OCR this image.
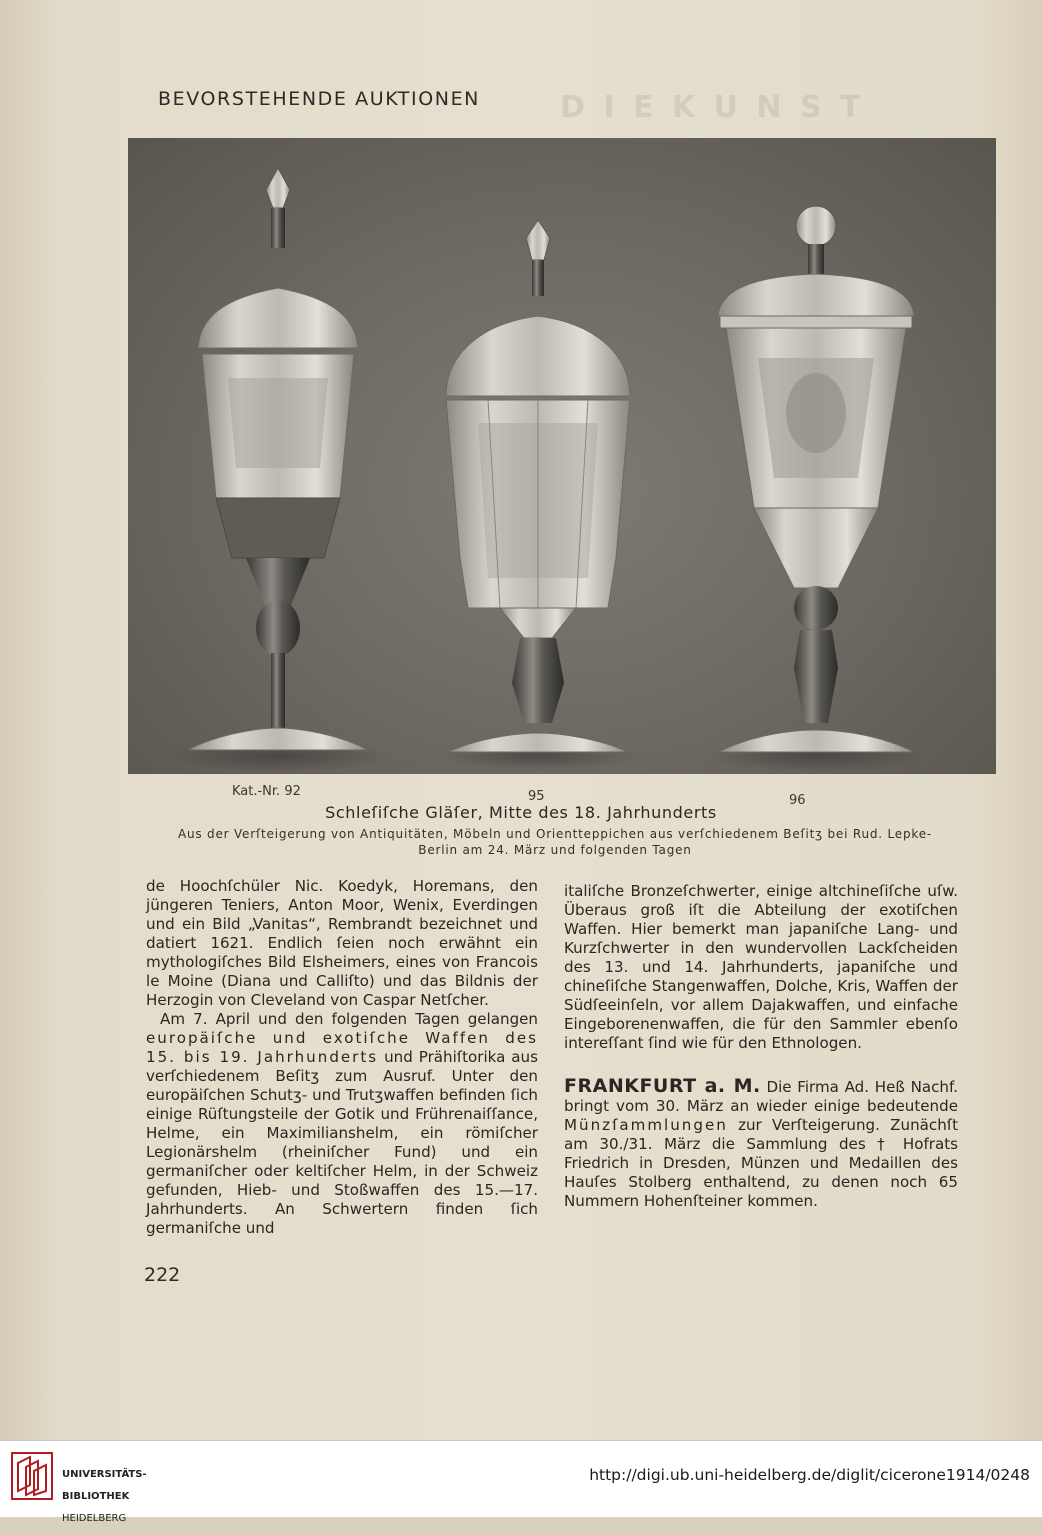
BEVORSTEHENDE AUKTIONEN	D I E K U N S T
Kat.-Nr. 92	95	96
Schleſiſche Gläſer, Mitte des 18. Jahrhunderts
Aus der Verſteigerung von Antiquitäten, Möbeln und Orientteppichen aus verſchiedenem Beſitʒ bei Rud. Lepke-
Berlin am 24. März und folgenden Tagen

de Hoochſchüler Nic. Koedyk, Horemans, den jüngeren Teniers, Anton Moor, Wenix, Everdingen und ein Bild „Vanitas“, Rembrandt bezeichnet und datiert 1621. Endlich ſeien noch erwähnt ein mythologiſches Bild Elsheimers, eines von Francois le Moine (Diana und Calliſto) und das Bildnis der Herzogin von Cleveland von Caspar Netſcher.

Am 7. April und den folgenden Tagen gelangen europäiſche und exotiſche Waffen des 15. bis 19. Jahrhunderts und Prähiſtorika aus verſchiedenem Beſitʒ zum Ausruf. Unter den europäiſchen Schutʒ- und Trutʒwaffen befinden ſich einige Rüſtungsteile der Gotik und Frührenaiſſance, Helme, ein Maximilianshelm, ein römiſcher Legionärshelm (rheiniſcher Fund) und ein germaniſcher oder keltiſcher Helm, in der Schweiz gefunden, Hieb- und Stoßwaffen des 15.—17. Jahrhunderts. An Schwertern finden ſich germaniſche und

italiſche Bronzeſchwerter, einige altchineſiſche uſw. Überaus groß iſt die Abteilung der exotiſchen Waffen. Hier bemerkt man japaniſche Lang- und Kurzſchwerter in den wundervollen Lackſcheiden des 13. und 14. Jahrhunderts, japaniſche und chineſiſche Stangenwaffen, Dolche, Kris, Waffen der Südſeeinſeln, vor allem Dajakwaffen, und einfache Eingeborenenwaffen, die für den Sammler ebenſo intereſſant ſind wie für den Ethnologen.

FRANKFURT a. M. Die Firma Ad. Heß Nachf. bringt vom 30. März an wieder einige bedeutende Münzſammlungen zur Verſteigerung. Zunächſt am 30./31. März die Sammlung des † Hofrats Friedrich in Dresden, Münzen und Medaillen des Hauſes Stolberg enthaltend, zu denen noch 65 Nummern Hohenſteiner kommen.

222

UNIVERSITÄTS-

BIBLIOTHEK

HEIDELBERG

http://digi.ub.uni-heidelberg.de/diglit/cicerone1914/0248
